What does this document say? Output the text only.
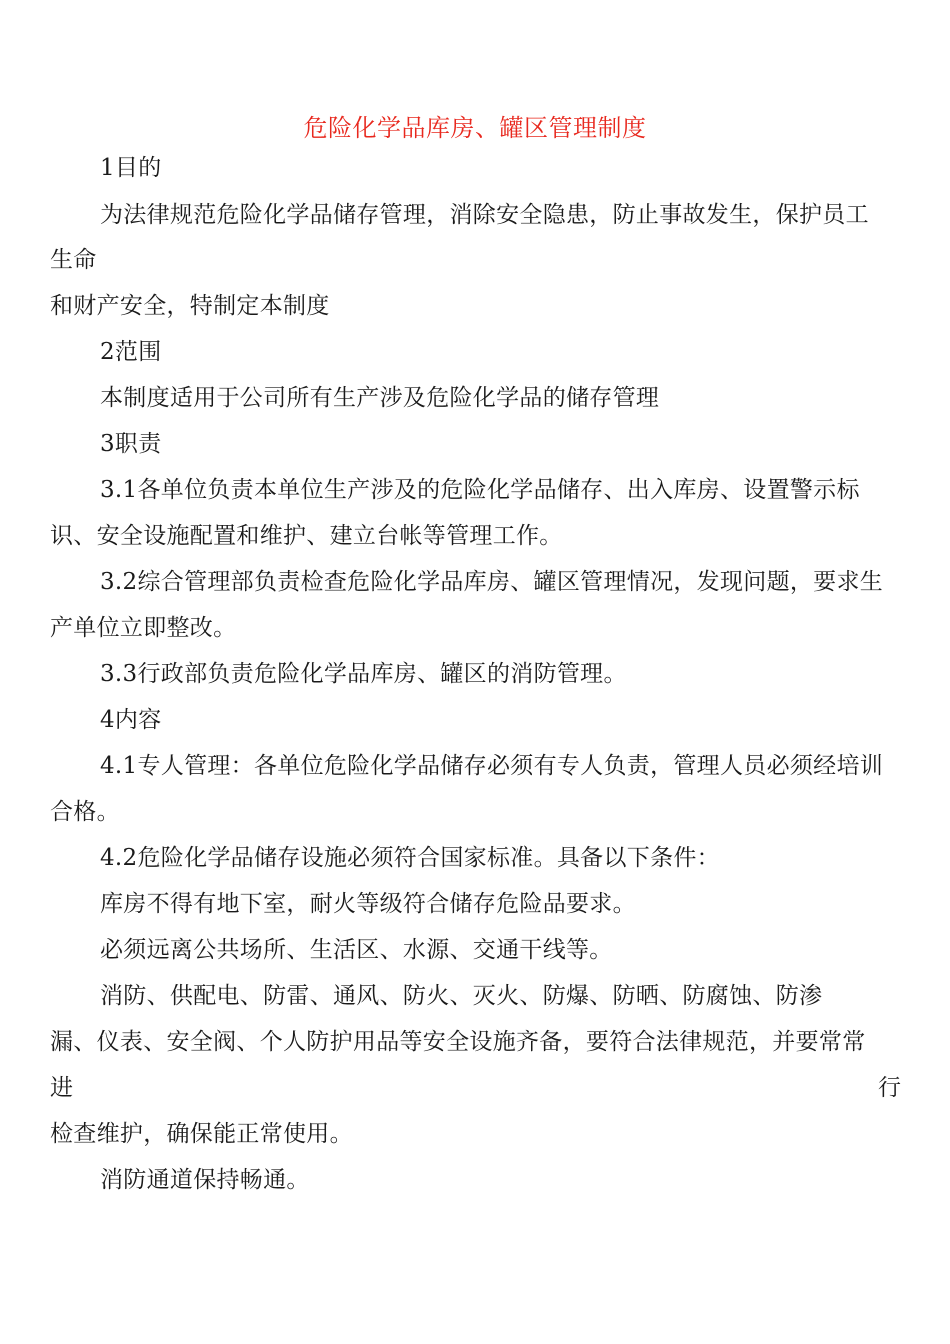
危险化学品库房、罐区管理制度
1目的
为法律规范危险化学品储存管理，消除安全隐患，防止事故发生，保护员工
生命
和财产安全，特制定本制度
2范围
本制度适用于公司所有生产涉及危险化学品的储存管理
3职责
3.1各单位负责本单位生产涉及的危险化学品储存、出入库房、设置警示标
识、安全设施配置和维护、建立台帐等管理工作。
3.2综合管理部负责检查危险化学品库房、罐区管理情况，发现问题，要求生
产单位立即整改。
3.3行政部负责危险化学品库房、罐区的消防管理。
4内容
4.1专人管理：各单位危险化学品储存必须有专人负责，管理人员必须经培训
合格。
4.2危险化学品储存设施必须符合国家标准。具备以下条件：
库房不得有地下室，耐火等级符合储存危险品要求。
必须远离公共场所、生活区、水源、交通干线等。
消防、供配电、防雷、通风、防火、灭火、防爆、防晒、防腐蚀、防渗
漏、仪表、安全阀、个人防护用品等安全设施齐备，要符合法律规范，并要常常
进	行
检查维护，确保能正常使用。
消防通道保持畅通。
